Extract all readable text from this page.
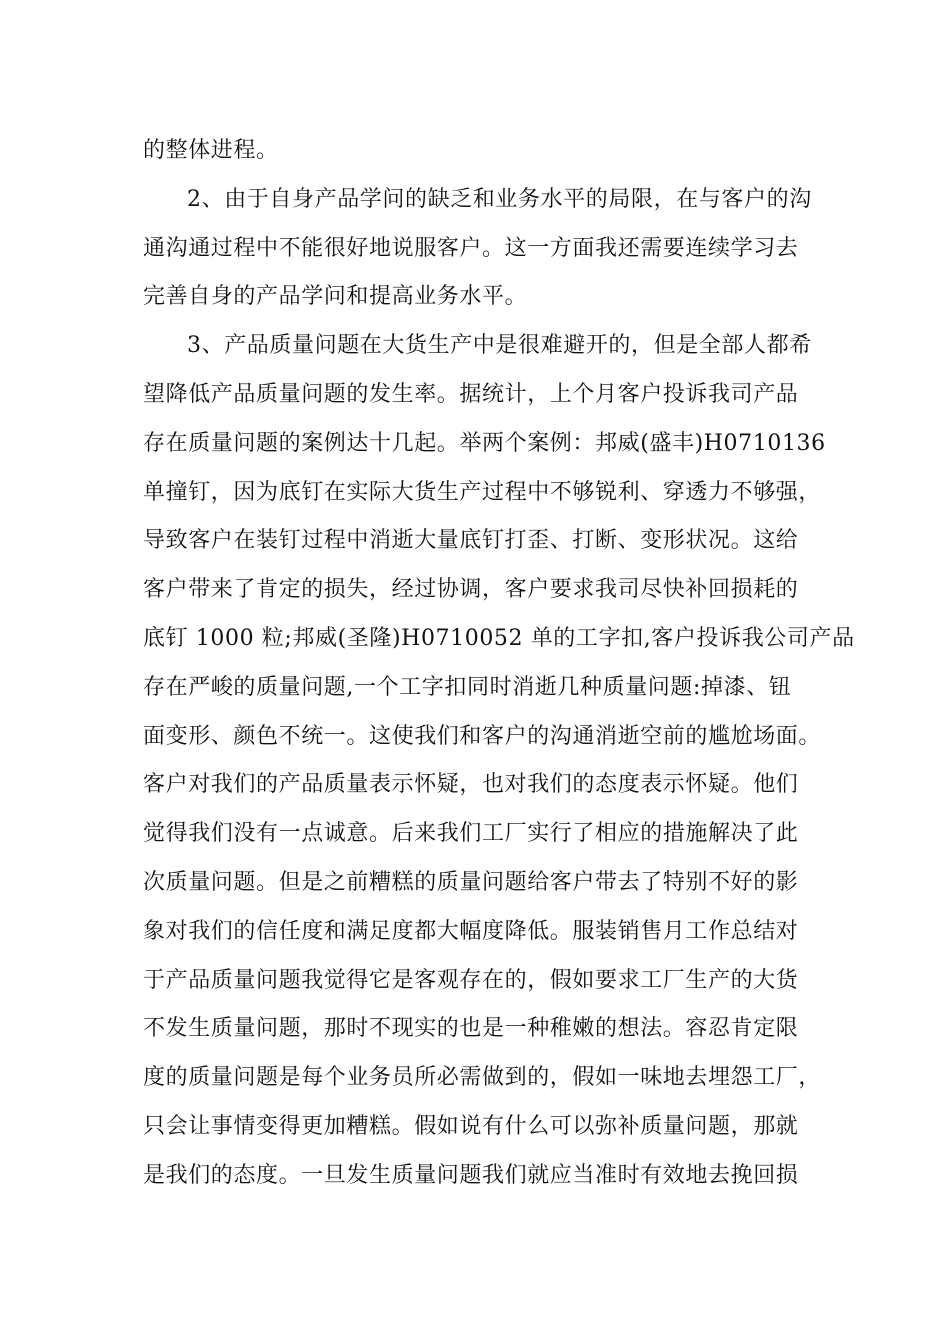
的整体进程。
2、由于自身产品学问的缺乏和业务水平的局限，在与客户的沟
通沟通过程中不能很好地说服客户。这一方面我还需要连续学习去
完善自身的产品学问和提高业务水平。
3、产品质量问题在大货生产中是很难避开的，但是全部人都希
望降低产品质量问题的发生率。据统计，上个月客户投诉我司产品
存在质量问题的案例达十几起。举两个案例：邦威(盛丰)H0710136
单撞钉，因为底钉在实际大货生产过程中不够锐利、穿透力不够强，
导致客户在装钉过程中消逝大量底钉打歪、打断、变形状况。这给
客户带来了肯定的损失，经过协调，客户要求我司尽快补回损耗的
底钉 1000 粒;邦威(圣隆)H0710052 单的工字扣,客户投诉我公司产品
存在严峻的质量问题,一个工字扣同时消逝几种质量问题:掉漆、钮
面变形、颜色不统一。这使我们和客户的沟通消逝空前的尴尬场面。
客户对我们的产品质量表示怀疑，也对我们的态度表示怀疑。他们
觉得我们没有一点诚意。后来我们工厂实行了相应的措施解决了此
次质量问题。但是之前糟糕的质量问题给客户带去了特别不好的影
象对我们的信任度和满足度都大幅度降低。服装销售月工作总结对
于产品质量问题我觉得它是客观存在的，假如要求工厂生产的大货
不发生质量问题，那时不现实的也是一种稚嫩的想法。容忍肯定限
度的质量问题是每个业务员所必需做到的，假如一味地去埋怨工厂，
只会让事情变得更加糟糕。假如说有什么可以弥补质量问题，那就
是我们的态度。一旦发生质量问题我们就应当准时有效地去挽回损
